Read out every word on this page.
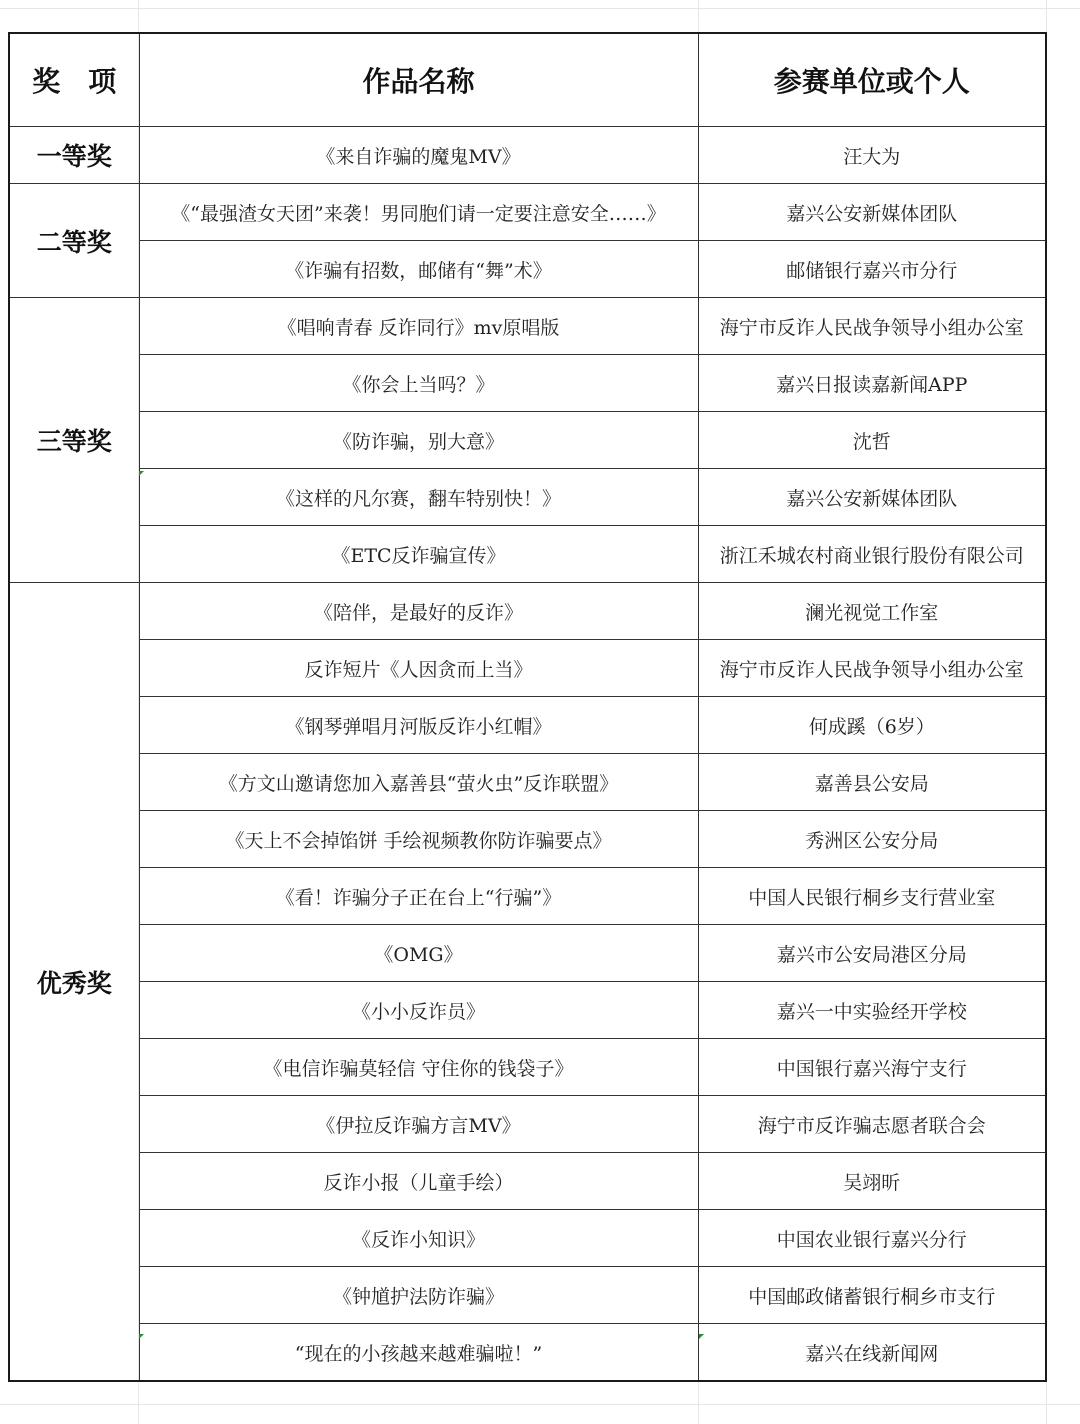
奖　项	作品名称	参赛单位或个人
一等奖	《来自诈骗的魔鬼MV》	汪大为
二等奖	《“最强渣女天团”来袭！男同胞们请一定要注意安全……》	嘉兴公安新媒体团队
	《诈骗有招数，邮储有“舞”术》	邮储银行嘉兴市分行
三等奖	《唱响青春 反诈同行》mv原唱版	海宁市反诈人民战争领导小组办公室
	《你会上当吗？》	嘉兴日报读嘉新闻APP
	《防诈骗，别大意》	沈哲
	《这样的凡尔赛，翻车特别快！》	嘉兴公安新媒体团队
	《ETC反诈骗宣传》	浙江禾城农村商业银行股份有限公司
优秀奖	《陪伴，是最好的反诈》	澜光视觉工作室
	反诈短片《人因贪而上当》	海宁市反诈人民战争领导小组办公室
	《钢琴弹唱月河版反诈小红帽》	何成蹊（6岁）
	《方文山邀请您加入嘉善县“萤火虫”反诈联盟》	嘉善县公安局
	《天上不会掉馅饼 手绘视频教你防诈骗要点》	秀洲区公安分局
	《看！诈骗分子正在台上“行骗”》	中国人民银行桐乡支行营业室
	《OMG》	嘉兴市公安局港区分局
	《小小反诈员》	嘉兴一中实验经开学校
	《电信诈骗莫轻信 守住你的钱袋子》	中国银行嘉兴海宁支行
	《伊拉反诈骗方言MV》	海宁市反诈骗志愿者联合会
	反诈小报（儿童手绘）	吴翊昕
	《反诈小知识》	中国农业银行嘉兴分行
	《钟馗护法防诈骗》	中国邮政储蓄银行桐乡市支行
	“现在的小孩越来越难骗啦！”	嘉兴在线新闻网
